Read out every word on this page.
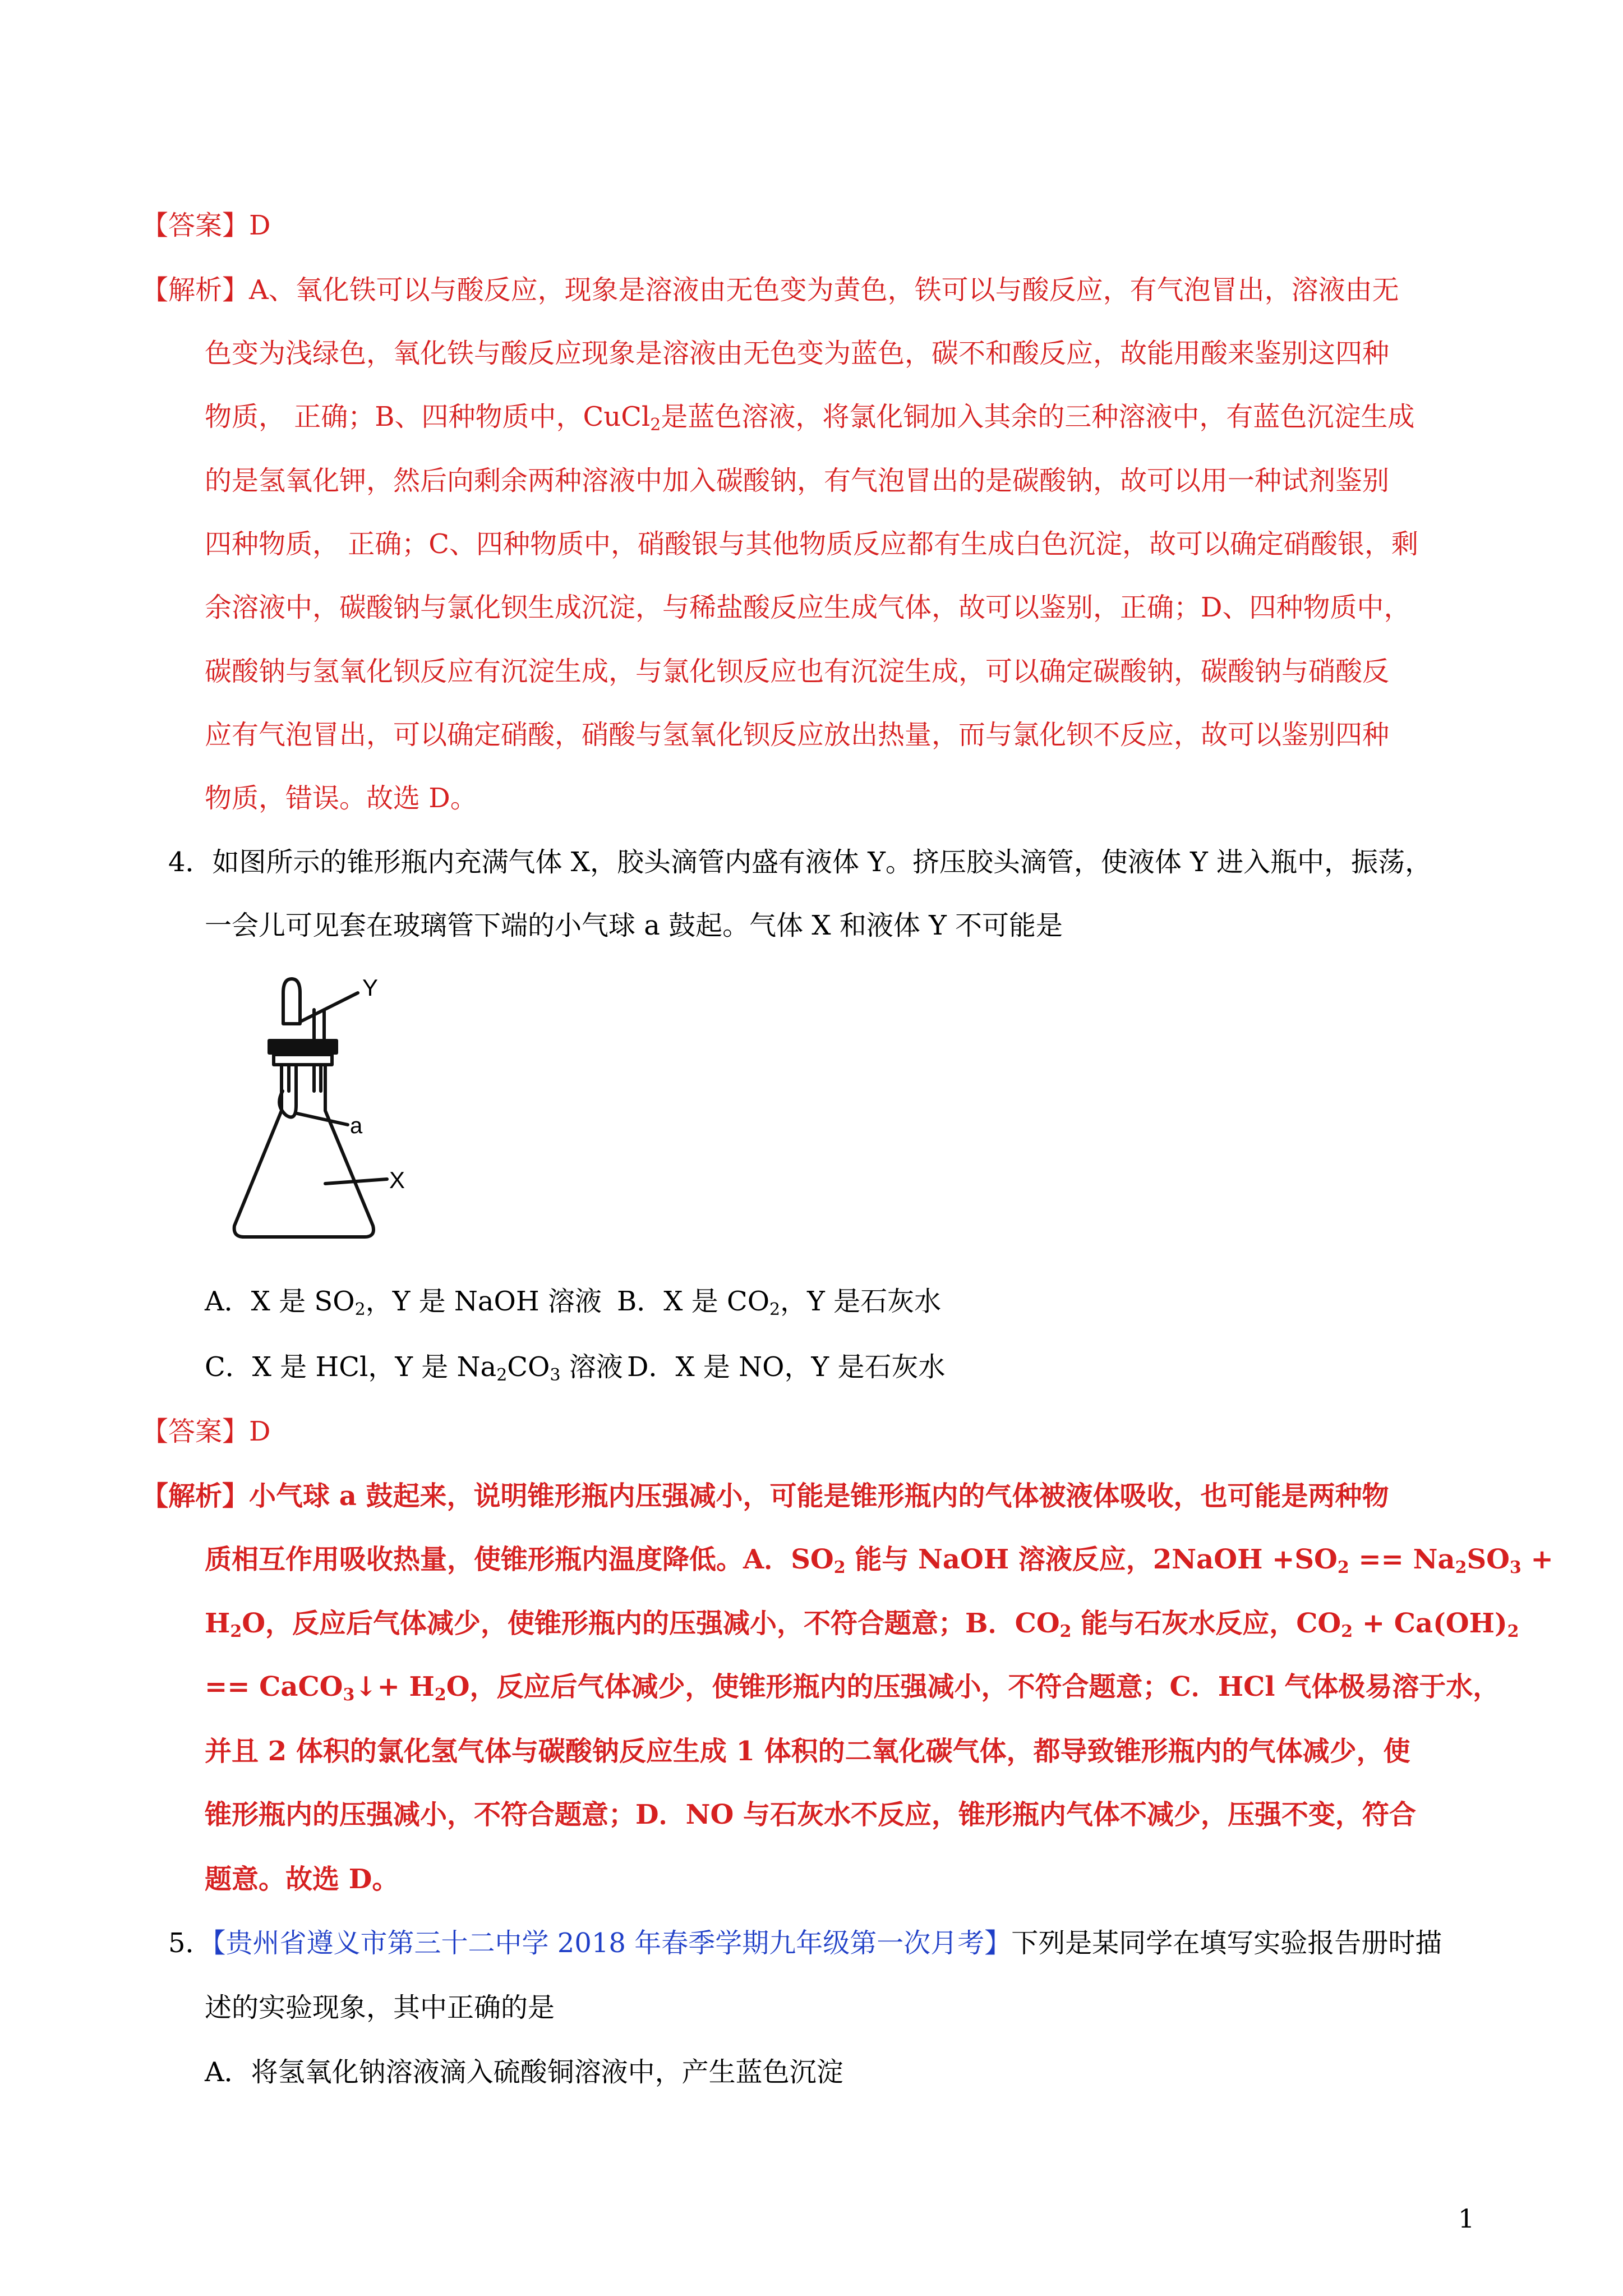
【答案】D
【解析】A、氧化铁可以与酸反应，现象是溶液由无色变为黄色，铁可以与酸反应，有气泡冒出，溶液由无
色变为浅绿色，氧化铁与酸反应现象是溶液由无色变为蓝色，碳不和酸反应，故能用酸来鉴别这四种
物质， 正确；B、四种物质中，CuCl$_2$是蓝色溶液，将氯化铜加入其余的三种溶液中，有蓝色沉淀生成
的是氢氧化钾，然后向剩余两种溶液中加入碳酸钠，有气泡冒出的是碳酸钠，故可以用一种试剂鉴别
四种物质， 正确；C、四种物质中，硝酸银与其他物质反应都有生成白色沉淀，故可以确定硝酸银，剩
余溶液中，碳酸钠与氯化钡生成沉淀，与稀盐酸反应生成气体，故可以鉴别，正确；D、四种物质中，
碳酸钠与氢氧化钡反应有沉淀生成，与氯化钡反应也有沉淀生成，可以确定碳酸钠，碳酸钠与硝酸反
应有气泡冒出，可以确定硝酸，硝酸与氢氧化钡反应放出热量，而与氯化钡不反应，故可以鉴别四种
物质，错误。故选 D。
4．如图所示的锥形瓶内充满气体 X，胶头滴管内盛有液体 Y。挤压胶头滴管，使液体 Y 进入瓶中，振荡，
一会儿可见套在玻璃管下端的小气球 a 鼓起。气体 X 和液体 Y 不可能是
Y
a
X
A．X 是 $SO_2$，Y 是 NaOH 溶液 B．X 是 $CO_2$，Y 是石灰水
C．X 是 HCl，Y 是 $Na_2CO_3$ 溶液 D．X 是 NO，Y 是石灰水
【答案】D
【解析】小气球 a 鼓起来，说明锥形瓶内压强减小，可能是锥形瓶内的气体被液体吸收，也可能是两种物
质相互作用吸收热量，使锥形瓶内温度降低。A．$SO_2$ 能与 NaOH 溶液反应，2NaOH $+SO_2 == Na_2SO_3$ +
$H_2O$，反应后气体减少，使锥形瓶内的压强减小，不符合题意；B．$CO_2$ 能与石灰水反应，$CO_2 + Ca(OH)_2$
== CaCO$_3$↓+ $H_2O$，反应后气体减少，使锥形瓶内的压强减小，不符合题意；C．HCl 气体极易溶于水，
并且 2 体积的氯化氢气体与碳酸钠反应生成 1 体积的二氧化碳气体，都导致锥形瓶内的气体减少，使
锥形瓶内的压强减小，不符合题意；D．NO 与石灰水不反应，锥形瓶内气体不减少，压强不变，符合
题意。故选 D。
5．【贵州省遵义市第三十二中学 2018 年春季学期九年级第一次月考】下列是某同学在填写实验报告册时描
述的实验现象，其中正确的是
A．将氢氧化钠溶液滴入硫酸铜溶液中，产生蓝色沉淀
1
